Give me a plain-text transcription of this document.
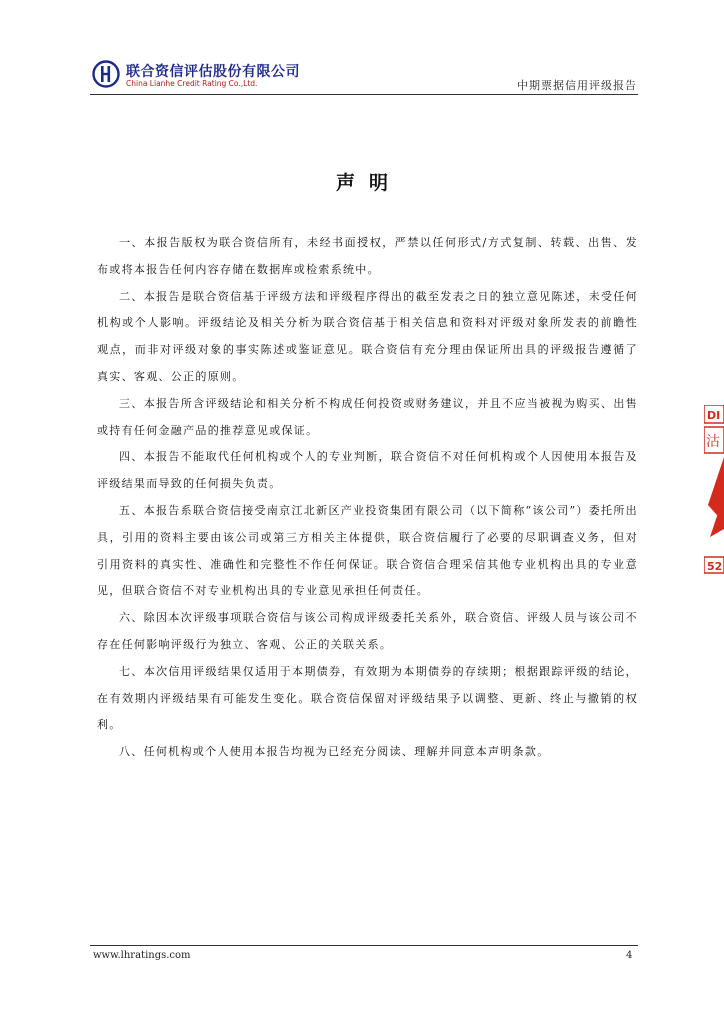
联合资信评估股份有限公司
China Lianhe Credit Rating Co.,Ltd.	中期票据信用评级报告
声明

一、本报告版权为联合资信所有，未经书面授权，严禁以任何形式/方式复制、转载、出售、发布或将本报告任何内容存储在数据库或检索系统中。

二、本报告是联合资信基于评级方法和评级程序得出的截至发表之日的独立意见陈述，未受任何机构或个人影响。评级结论及相关分析为联合资信基于相关信息和资料对评级对象所发表的前瞻性观点，而非对评级对象的事实陈述或鉴证意见。联合资信有充分理由保证所出具的评级报告遵循了真实、客观、公正的原则。

三、本报告所含评级结论和相关分析不构成任何投资或财务建议，并且不应当被视为购买、出售或持有任何金融产品的推荐意见或保证。

四、本报告不能取代任何机构或个人的专业判断，联合资信不对任何机构或个人因使用本报告及评级结果而导致的任何损失负责。

五、本报告系联合资信接受南京江北新区产业投资集团有限公司（以下简称“该公司”）委托所出具，引用的资料主要由该公司或第三方相关主体提供，联合资信履行了必要的尽职调查义务，但对引用资料的真实性、准确性和完整性不作任何保证。联合资信合理采信其他专业机构出具的专业意见，但联合资信不对专业机构出具的专业意见承担任何责任。

六、除因本次评级事项联合资信与该公司构成评级委托关系外，联合资信、评级人员与该公司不存在任何影响评级行为独立、客观、公正的关联关系。

七、本次信用评级结果仅适用于本期债券，有效期为本期债券的存续期；根据跟踪评级的结论，在有效期内评级结果有可能发生变化。联合资信保留对评级结果予以调整、更新、终止与撤销的权利。

八、任何机构或个人使用本报告均视为已经充分阅读、理解并同意本声明条款。

DI
沽
52
www.lhratings.com	4
